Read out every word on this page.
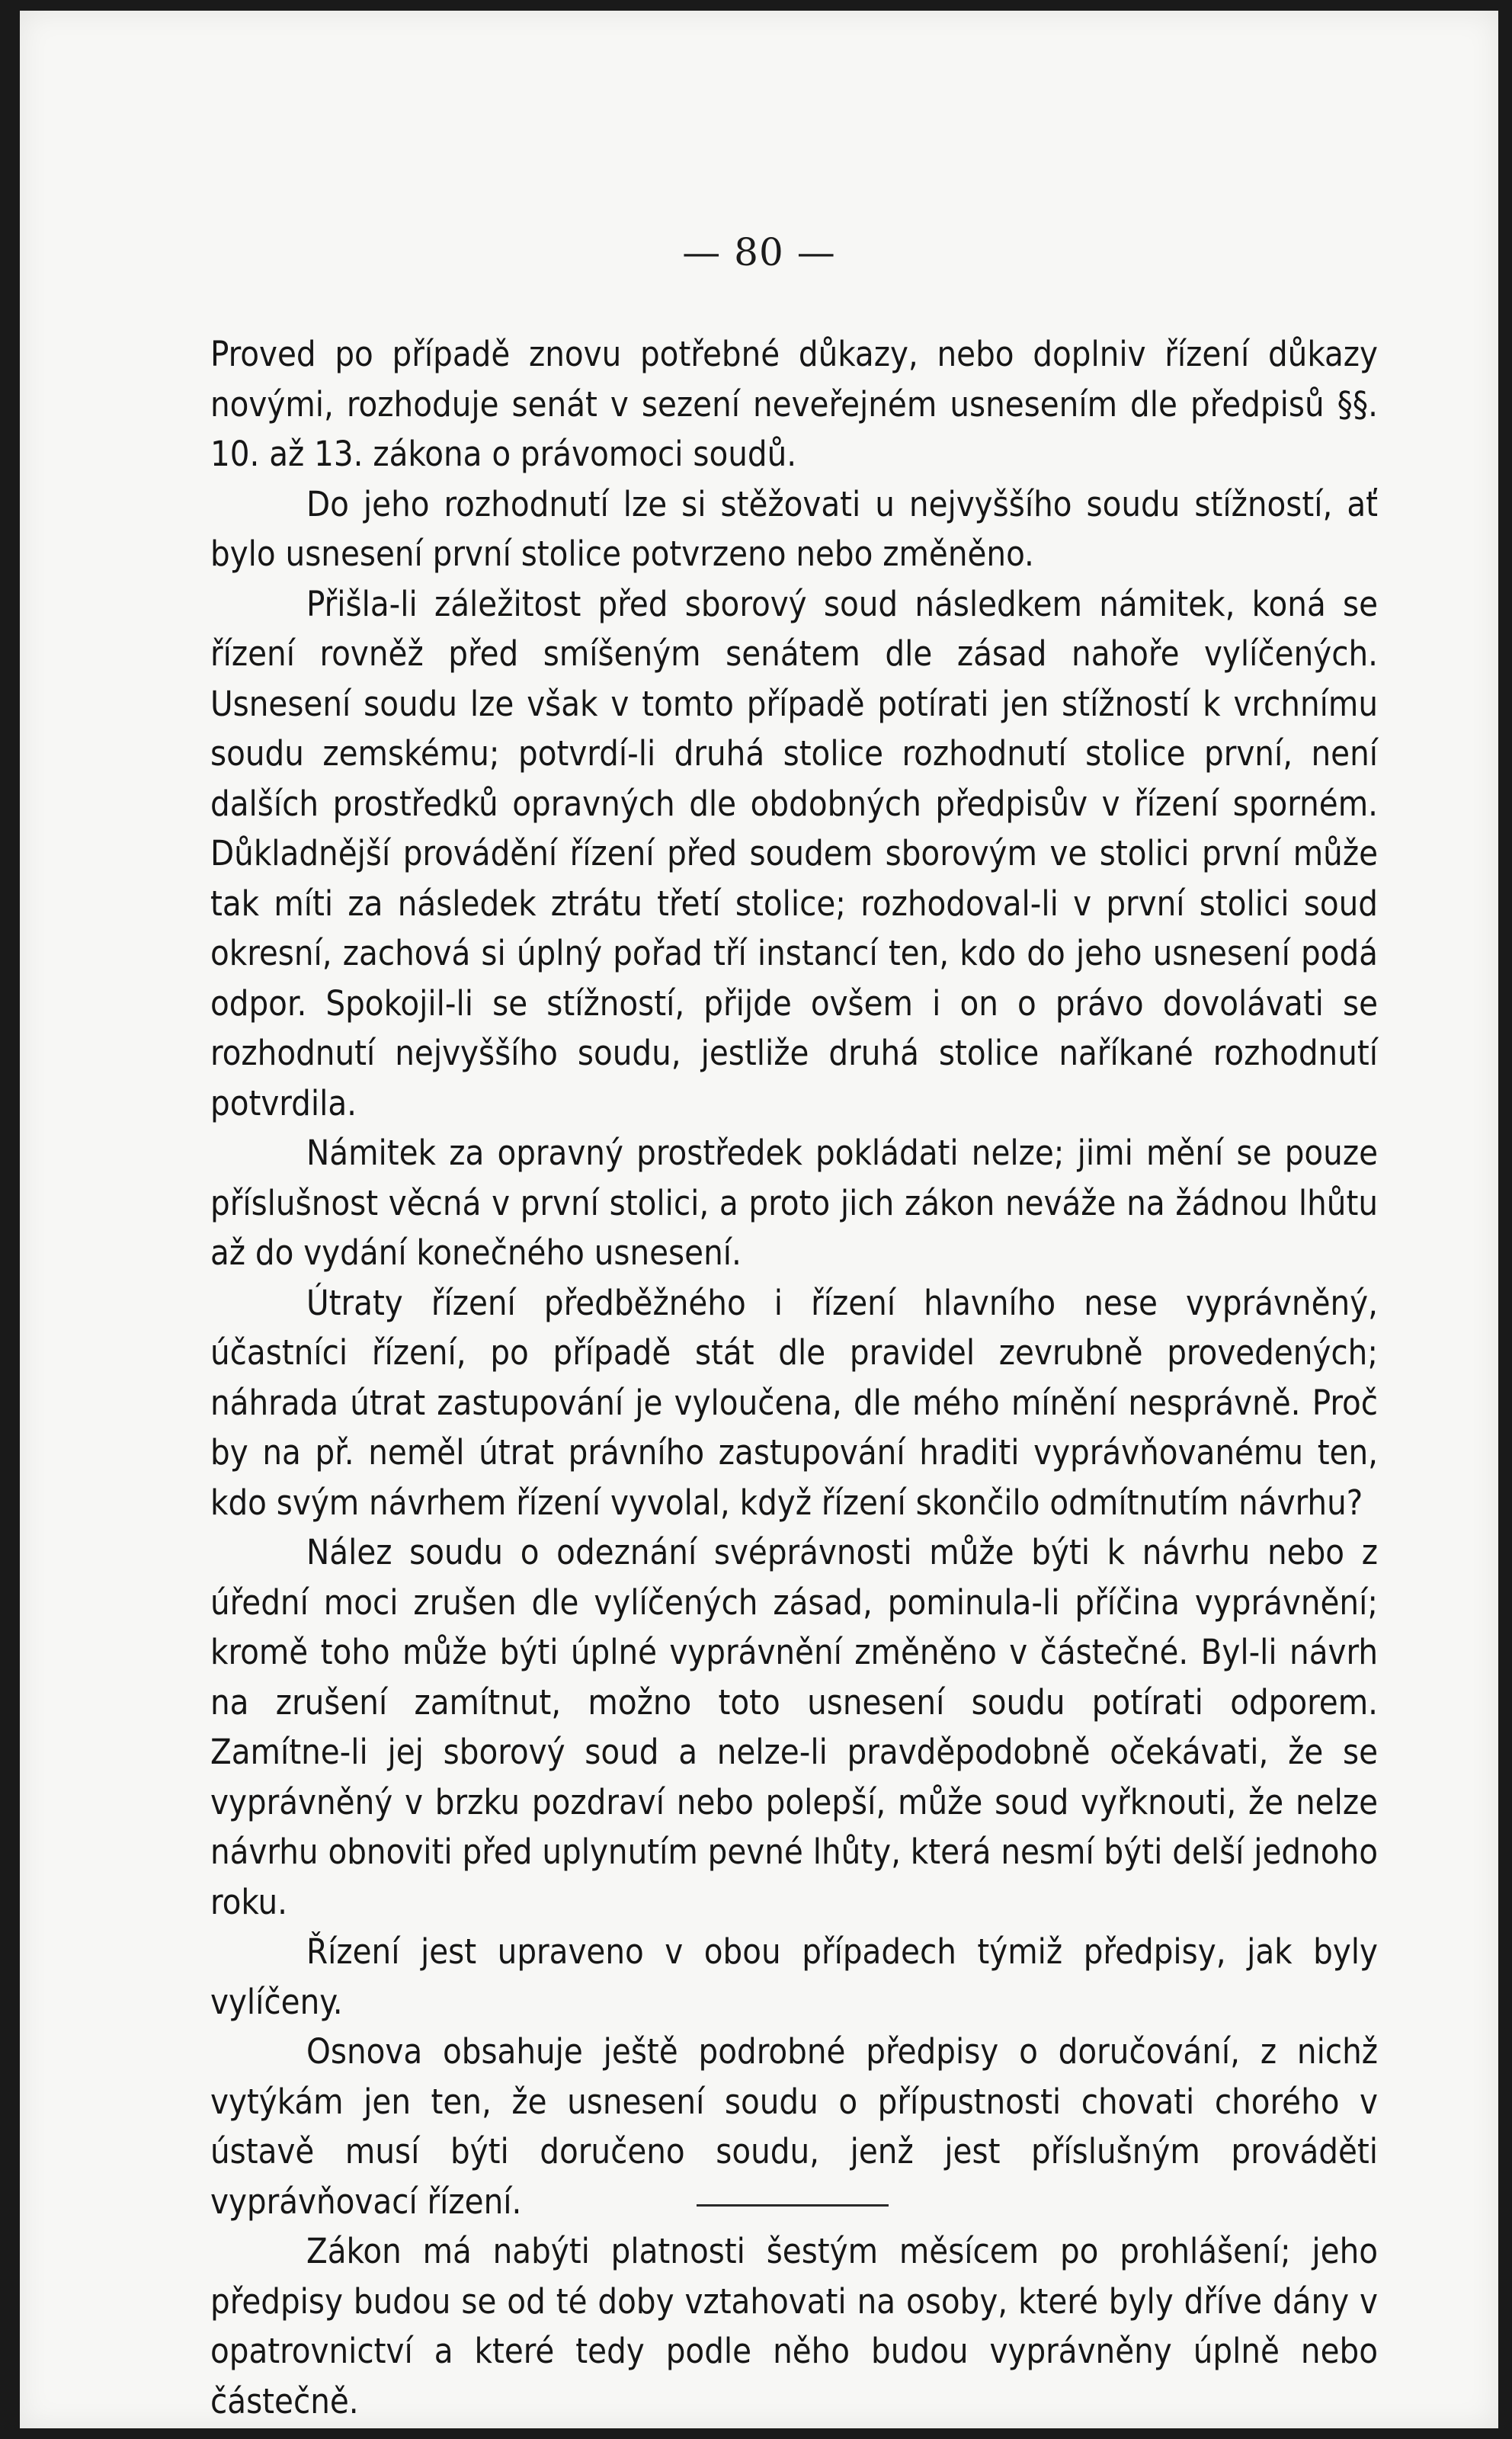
— 80 —

Proved po případě znovu potřebné důkazy, nebo doplniv řízení důkazy novými, rozhoduje senát v sezení neveřejném usnesením dle předpisů §§. 10. až 13. zákona o právomoci soudů.

Do jeho rozhodnutí lze si stěžovati u nejvyššího soudu stížností, ať bylo usnesení první stolice potvrzeno nebo změněno.

Přišla-li záležitost před sborový soud následkem námitek, koná se řízení rovněž před smíšeným senátem dle zásad nahoře vylíčených. Usnesení soudu lze však v tomto případě potírati jen stížností k vrchnímu soudu zemskému; potvrdí-li druhá stolice rozhodnutí stolice první, není dalších prostředků opravných dle obdobných předpisův v řízení sporném. Důkladnější provádění řízení před soudem sborovým ve stolici první může tak míti za následek ztrátu třetí stolice; rozhodoval-li v první stolici soud okresní, zachová si úplný pořad tří instancí ten, kdo do jeho usnesení podá odpor. Spokojil-li se stížností, přijde ovšem i on o právo dovolávati se rozhodnutí nejvyššího soudu, jestliže druhá stolice naříkané rozhodnutí potvrdila.

Námitek za opravný prostředek pokládati nelze; jimi mění se pouze příslušnost věcná v první stolici, a proto jich zákon neváže na žádnou lhůtu až do vydání konečného usnesení.

Útraty řízení předběžného i řízení hlavního nese vyprávněný, účastníci řízení, po případě stát dle pravidel zevrubně provedených; náhrada útrat zastupování je vyloučena, dle mého mínění nesprávně. Proč by na př. neměl útrat právního zastupování hraditi vyprávňovanému ten, kdo svým návrhem řízení vyvolal, když řízení skončilo odmítnutím návrhu?

Nález soudu o odeznání svéprávnosti může býti k návrhu nebo z úřední moci zrušen dle vylíčených zásad, pominula-li příčina vyprávnění; kromě toho může býti úplné vyprávnění změněno v částečné. Byl-li návrh na zrušení zamítnut, možno toto usnesení soudu potírati odporem. Zamítne-li jej sborový soud a nelze-li pravděpodobně očekávati, že se vyprávněný v brzku pozdraví nebo polepší, může soud vyřknouti, že nelze návrhu obnoviti před uplynutím pevné lhůty, která nesmí býti delší jednoho roku.

Řízení jest upraveno v obou případech týmiž předpisy, jak byly vylíčeny.

Osnova obsahuje ještě podrobné předpisy o doručování, z nichž vytýkám jen ten, že usnesení soudu o přípustnosti chovati chorého v ústavě musí býti doručeno soudu, jenž jest příslušným prováděti vyprávňovací řízení.

Zákon má nabýti platnosti šestým měsícem po prohlášení; jeho předpisy budou se od té doby vztahovati na osoby, které byly dříve dány v opatrovnictví a které tedy podle něho budou vyprávněny úplně nebo částečně.
